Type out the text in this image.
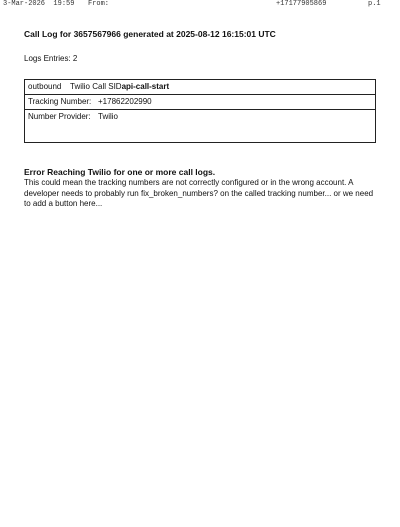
3-Mar-2026 19:59 From:	+17177905869	p.1
Call Log for 3657567966 generated at 2025-08-12 16:15:01 UTC
Logs Entries: 2
outbound Twilio Call SIDapi-call-start
Tracking Number: +17862202990
Number Provider: Twilio
Error Reaching Twilio for one or more call logs.

This could mean the tracking numbers are not correctly configured or in the wrong account. A developer needs to probably run fix_broken_numbers? on the called tracking number... or we need to add a button here...
